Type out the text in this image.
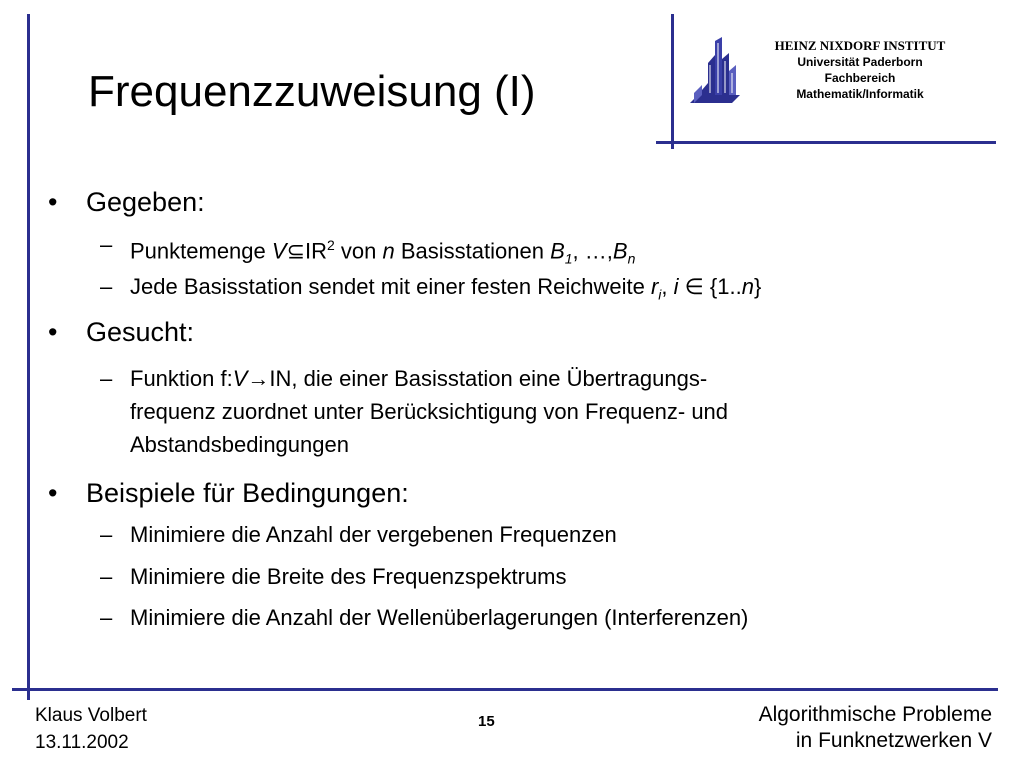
Frequenzzuweisung (I)
HEINZ NIXDORF INSTITUT
Universität Paderborn
Fachbereich
Mathematik/Informatik
• Gegeben:
– Punktemenge $V⊆IR^2$ von n Basisstationen $B_1$, $\dots,B_n$
– Jede Basisstation sendet mit einer festen Reichweite $r_i$, i ∈ {1..n}
• Gesucht:
– Funktion f:V→IN, die einer Basisstation eine Übertragungs-
frequenz zuordnet unter Berücksichtigung von Frequenz- und
Abstandsbedingungen
• Beispiele für Bedingungen:
– Minimiere die Anzahl der vergebenen Frequenzen
– Minimiere die Breite des Frequenzspektrums
– Minimiere die Anzahl der Wellenüberlagerungen (Interferenzen)
Klaus Volbert
13.11.2002
15	Algorithmische Probleme
in Funknetzwerken V
